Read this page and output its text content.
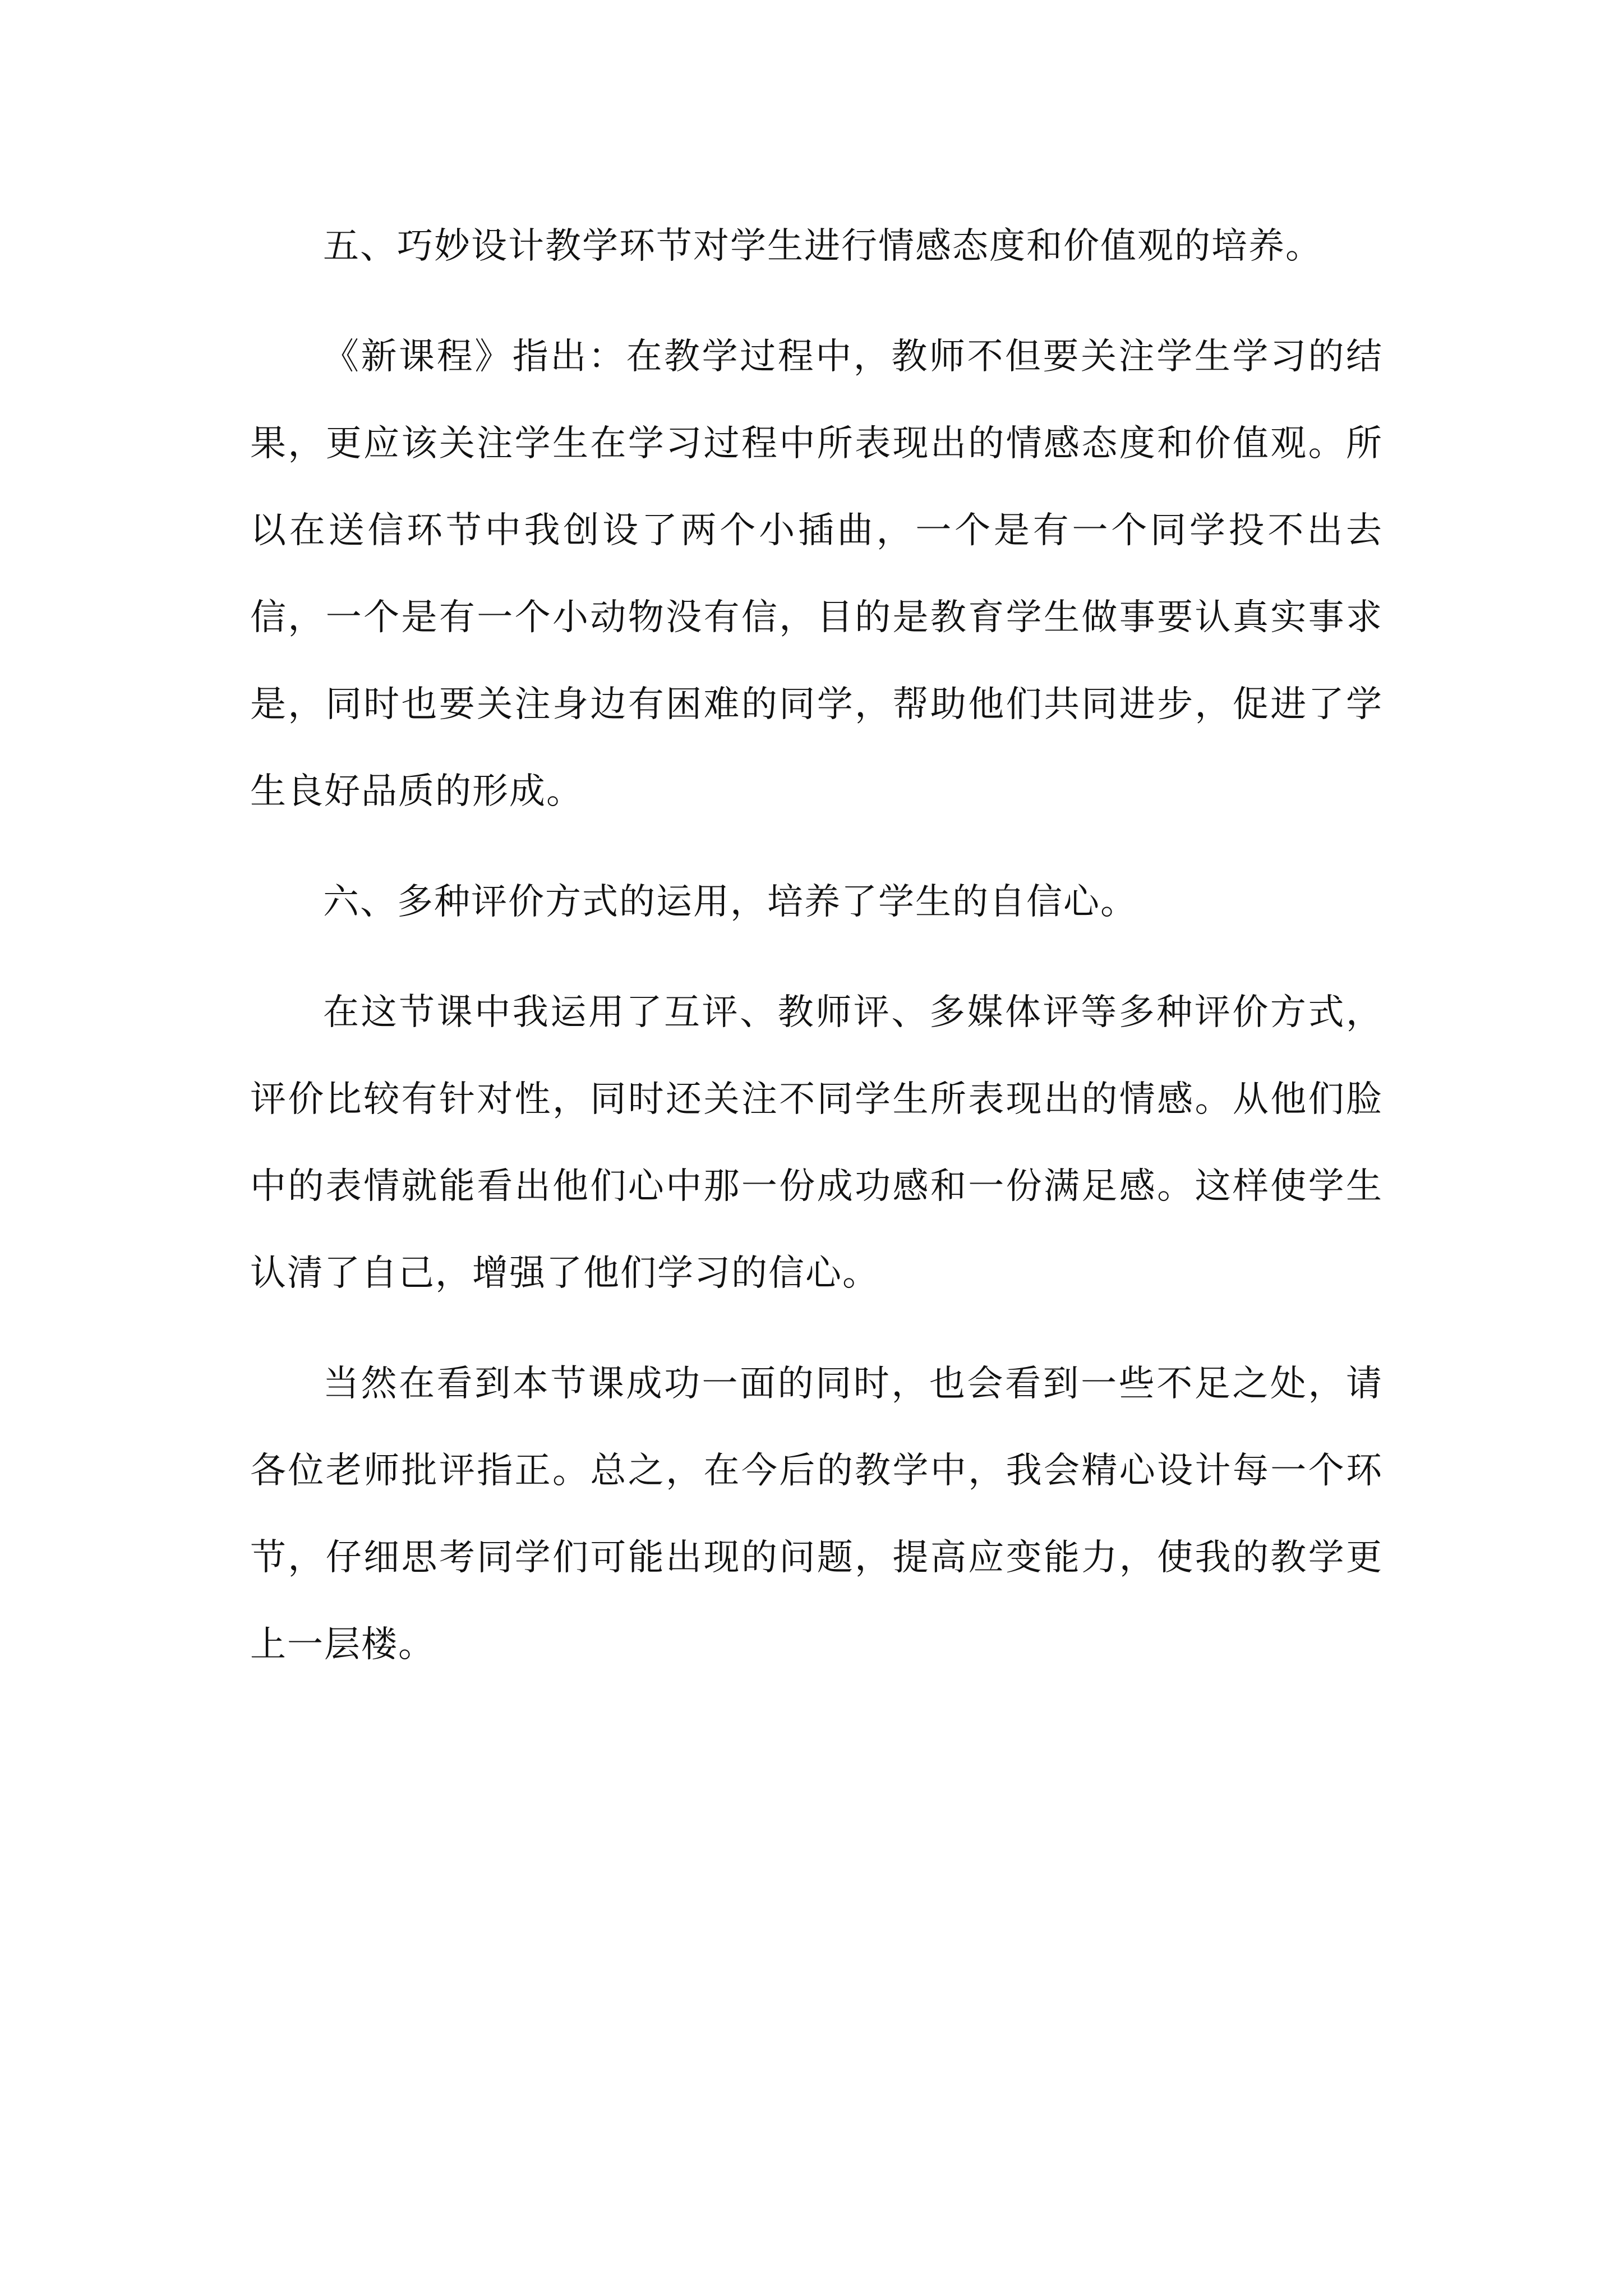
五、巧妙设计教学环节对学生进行情感态度和价值观的培养。

《新课程》指出：在教学过程中，教师不但要关注学生学习的结果，更应该关注学生在学习过程中所表现出的情感态度和价值观。所以在送信环节中我创设了两个小插曲，一个是有一个同学投不出去信，一个是有一个小动物没有信，目的是教育学生做事要认真实事求是，同时也要关注身边有困难的同学，帮助他们共同进步，促进了学生良好品质的形成。

六、多种评价方式的运用，培养了学生的自信心。

在这节课中我运用了互评、教师评、多媒体评等多种评价方式，评价比较有针对性，同时还关注不同学生所表现出的情感。从他们脸中的表情就能看出他们心中那一份成功感和一份满足感。这样使学生认清了自己，增强了他们学习的信心。

当然在看到本节课成功一面的同时，也会看到一些不足之处，请各位老师批评指正。总之，在今后的教学中，我会精心设计每一个环节，仔细思考同学们可能出现的问题，提高应变能力，使我的教学更上一层楼。
